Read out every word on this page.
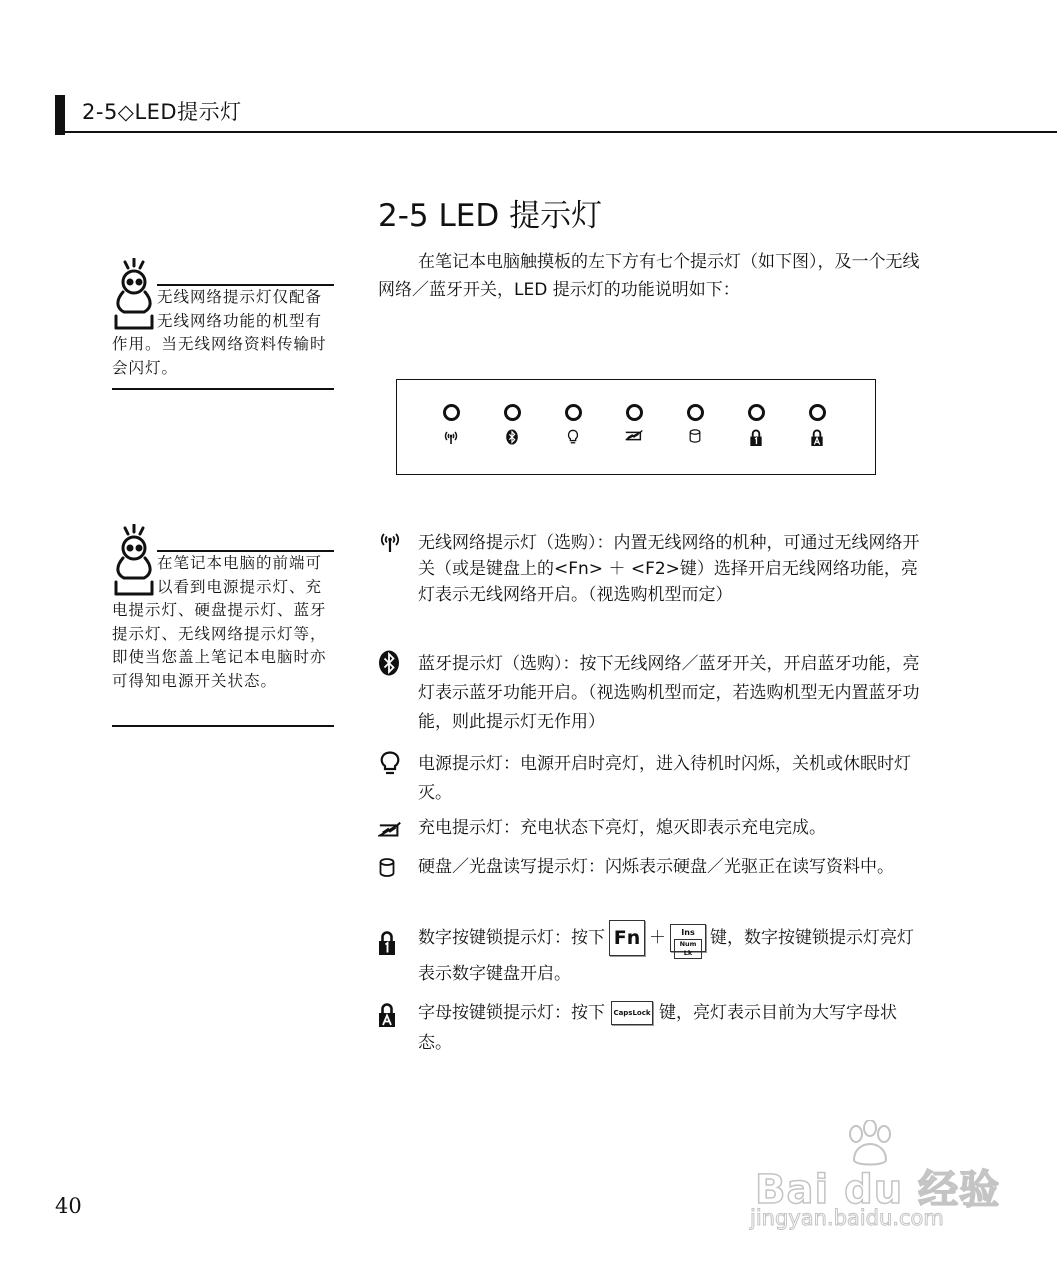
2-5◇LED提示灯
2-5 LED 提示灯
在笔记本电脑触摸板的左下方有七个提示灯（如下图），及一个无线网络／蓝牙开关，LED 提示灯的功能说明如下：
无线网络提示灯仅配备无线网络功能的机型有作用。当无线网络资料传输时会闪灯。
在笔记本电脑的前端可以看到电源提示灯、充电提示灯、硬盘提示灯、蓝牙提示灯、无线网络提示灯等，即使当您盖上笔记本电脑时亦可得知电源开关状态。
无线网络提示灯（选购）：内置无线网络的机种，可通过无线网络开关（或是键盘上的<Fn> ＋ <F2>键）选择开启无线网络功能，亮灯表示无线网络开启。（视选购机型而定）
蓝牙提示灯（选购）：按下无线网络／蓝牙开关，开启蓝牙功能，亮灯表示蓝牙功能开启。（视选购机型而定，若选购机型无内置蓝牙功能，则此提示灯无作用）
电源提示灯：电源开启时亮灯，进入待机时闪烁，关机或休眠时灯灭。
充电提示灯：充电状态下亮灯，熄灭即表示充电完成。
硬盘／光盘读写提示灯：闪烁表示硬盘／光驱正在读写资料中。
数字按键锁提示灯：按下 Fn ＋	Ins
Num Lk
键，数字按键锁提示灯亮灯表示数字键盘开启。
字母按键锁提示灯：按下 CapsLock 键，亮灯表示目前为大写字母状态。
40	Bai du 经验
jingyan.baidu.com
